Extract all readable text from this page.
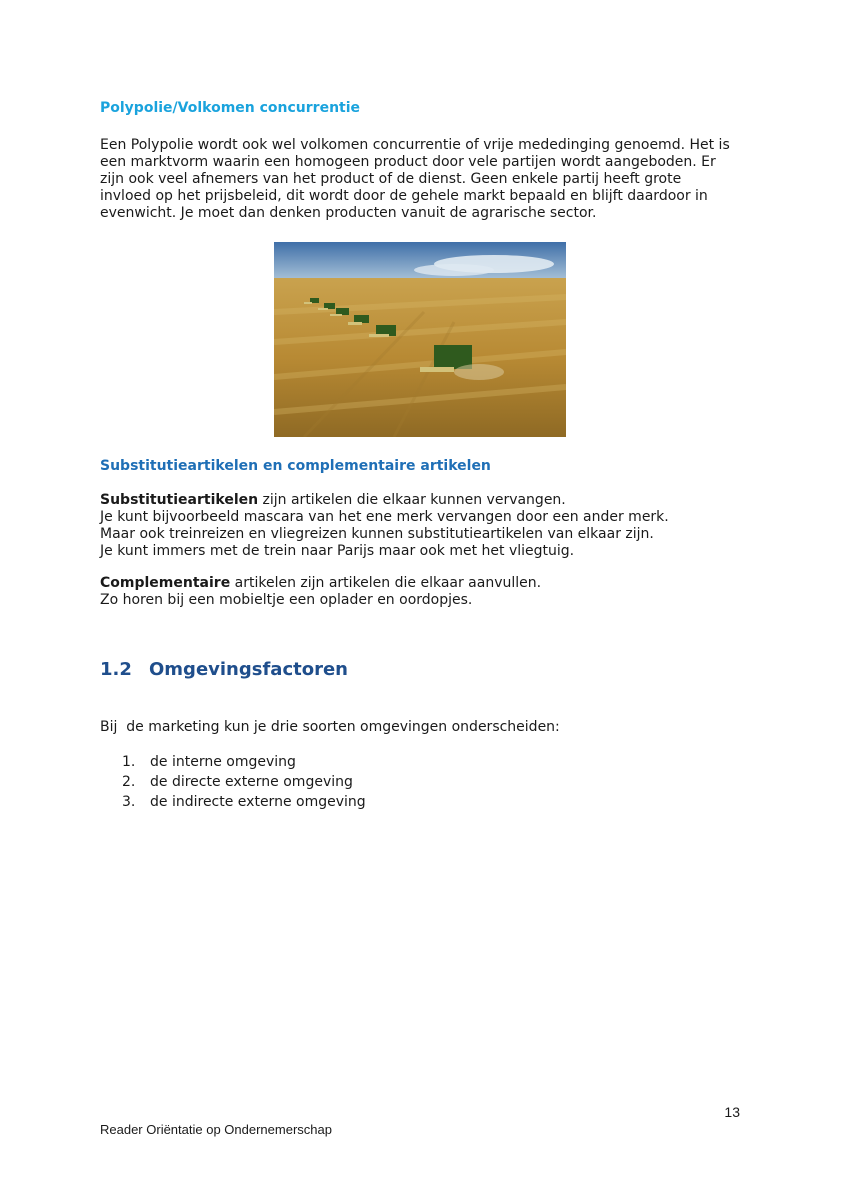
Polypolie/Volkomen concurrentie

Een Polypolie wordt ook wel volkomen concurrentie of vrije mededinging genoemd. Het is
een marktvorm waarin een homogeen product door vele partijen wordt aangeboden. Er
zijn ook veel afnemers van het product of de dienst. Geen enkele partij heeft grote
invloed op het prijsbeleid, dit wordt door de gehele markt bepaald en blijft daardoor in
evenwicht. Je moet dan denken producten vanuit de agrarische sector.

Substitutieartikelen en complementaire artikelen

Substitutieartikelen zijn artikelen die elkaar kunnen vervangen.
Je kunt bijvoorbeeld mascara van het ene merk vervangen door een ander merk.
Maar ook treinreizen en vliegreizen kunnen substitutieartikelen van elkaar zijn.
Je kunt immers met de trein naar Parijs maar ook met het vliegtuig.

Complementaire artikelen zijn artikelen die elkaar aanvullen.
Zo horen bij een mobieltje een oplader en oordopjes.

1.2 Omgevingsfactoren

Bij  de marketing kun je drie soorten omgevingen onderscheiden:

1.	de interne omgeving
2.	de directe externe omgeving
3.	de indirecte externe omgeving
13
Reader Oriëntatie op Ondernemerschap
